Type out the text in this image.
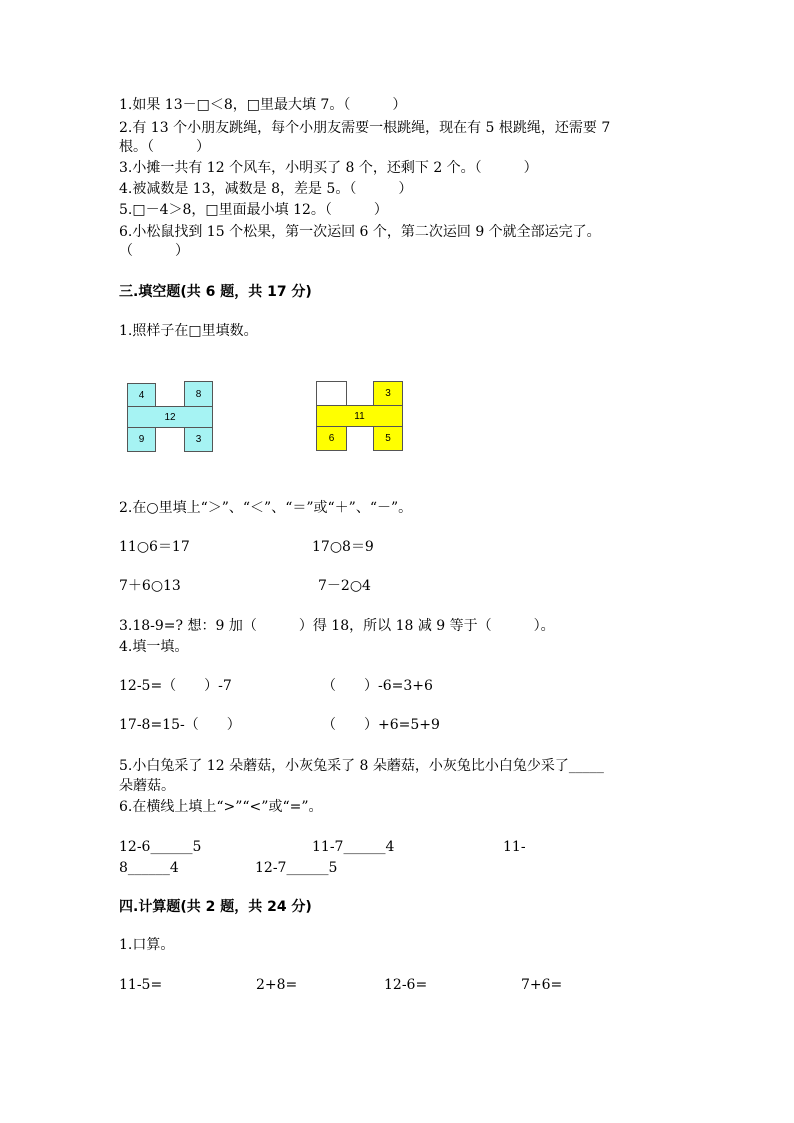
1.如果 13－□＜8，□里最大填 7。（　　　）
2.有 13 个小朋友跳绳，每个小朋友需要一根跳绳，现在有 5 根跳绳，还需要 7
根。（　　　）
3.小摊一共有 12 个风车，小明买了 8 个，还剩下 2 个。（　　　）
4.被减数是 13，减数是 8，差是 5。（　　　）
5.□－4＞8，□里面最小填 12。（　　　）
6.小松鼠找到 15 个松果，第一次运回 6 个，第二次运回 9 个就全部运完了。
（　　　）
三.填空题(共 6 题，共 17 分)
1.照样子在□里填数。
4	8
12
9	3
3
11
6	5
2.在○里填上“＞”、“＜”、“＝”或“＋”、“－”。
11○6＝17	17○8＝9
7＋6○13	7－2○4
3.18-9=? 想：9 加（　　　）得 18，所以 18 减 9 等于（　　　）。
4.填一填。
12-5=（　　）-7	（　　）-6=3+6
17-8=15-（　　）	（　　）+6=5+9
5.小白兔采了 12 朵蘑菇，小灰兔采了 8 朵蘑菇，小灰兔比小白兔少采了_____
朵蘑菇。
6.在横线上填上“>”“<”或“=”。
12-6______5	11-7______4	11-
8______4	12-7______5
四.计算题(共 2 题，共 24 分)
1.口算。
11-5=	2+8=	12-6=	7+6=
